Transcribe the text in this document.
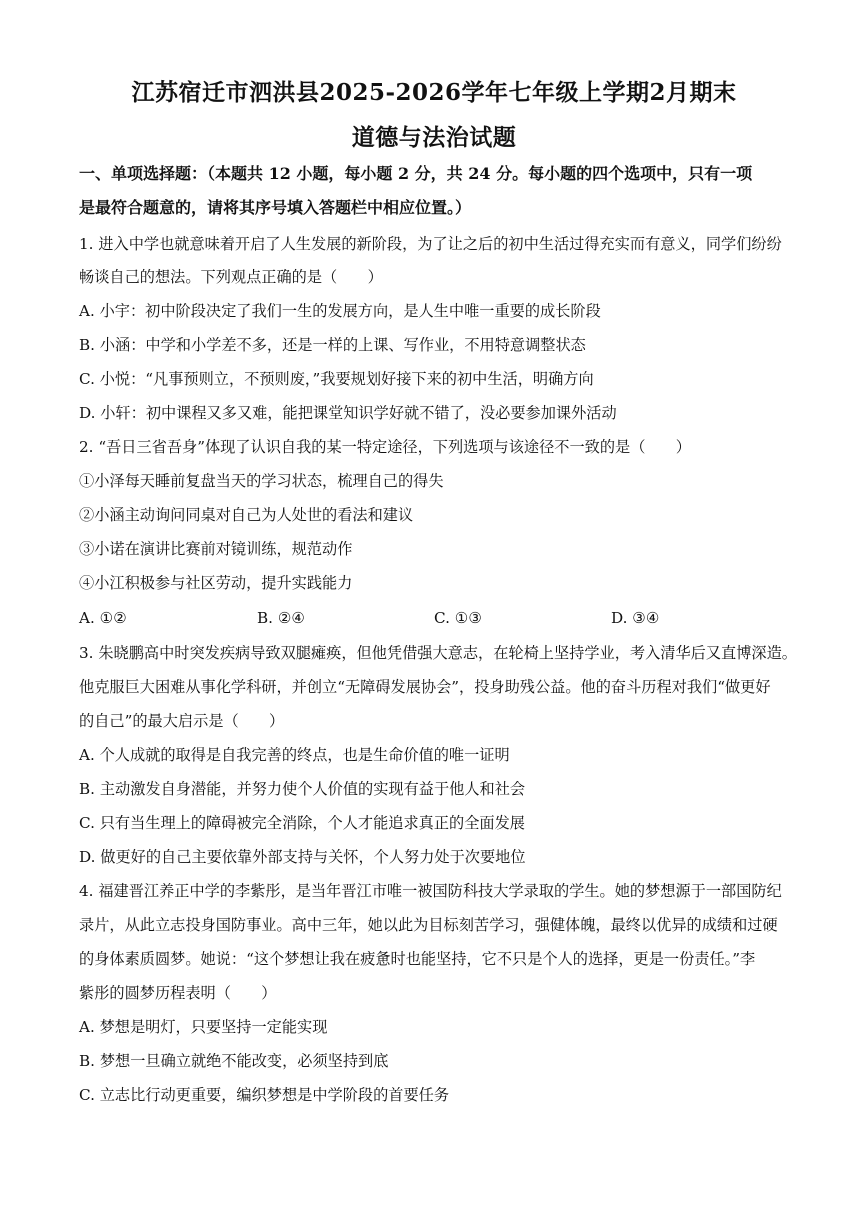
江苏宿迁市泗洪县2025-2026学年七年级上学期2月期末
道德与法治试题
一、单项选择题：（本题共 12 小题，每小题 2 分，共 24 分。每小题的四个选项中，只有一项
是最符合题意的，请将其序号填入答题栏中相应位置。）
1. 进入中学也就意味着开启了人生发展的新阶段，为了让之后的初中生活过得充实而有意义，同学们纷纷
畅谈自己的想法。下列观点正确的是（　　）
A. 小宇：初中阶段决定了我们一生的发展方向，是人生中唯一重要的成长阶段
B. 小涵：中学和小学差不多，还是一样的上课、写作业，不用特意调整状态
C. 小悦：“凡事预则立，不预则废，”我要规划好接下来的初中生活，明确方向
D. 小轩：初中课程又多又难，能把课堂知识学好就不错了，没必要参加课外活动
2. “吾日三省吾身”体现了认识自我的某一特定途径，下列选项与该途径不一致的是（　　）
①小泽每天睡前复盘当天的学习状态，梳理自己的得失
②小涵主动询问同桌对自己为人处世的看法和建议
③小诺在演讲比赛前对镜训练，规范动作
④小江积极参与社区劳动，提升实践能力
A. ①②	B. ②④	C. ①③	D. ③④
3. 朱晓鹏高中时突发疾病导致双腿瘫痪，但他凭借强大意志，在轮椅上坚持学业，考入清华后又直博深造。
他克服巨大困难从事化学科研，并创立“无障碍发展协会”，投身助残公益。他的奋斗历程对我们“做更好
的自己”的最大启示是（　　）
A. 个人成就的取得是自我完善的终点，也是生命价值的唯一证明
B. 主动激发自身潜能，并努力使个人价值的实现有益于他人和社会
C. 只有当生理上的障碍被完全消除，个人才能追求真正的全面发展
D. 做更好的自己主要依靠外部支持与关怀，个人努力处于次要地位
4. 福建晋江养正中学的李紫彤，是当年晋江市唯一被国防科技大学录取的学生。她的梦想源于一部国防纪
录片，从此立志投身国防事业。高中三年，她以此为目标刻苦学习，强健体魄，最终以优异的成绩和过硬
的身体素质圆梦。她说：“这个梦想让我在疲惫时也能坚持，它不只是个人的选择，更是一份责任。”李
紫彤的圆梦历程表明（　　）
A. 梦想是明灯，只要坚持一定能实现
B. 梦想一旦确立就绝不能改变，必须坚持到底
C. 立志比行动更重要，编织梦想是中学阶段的首要任务
